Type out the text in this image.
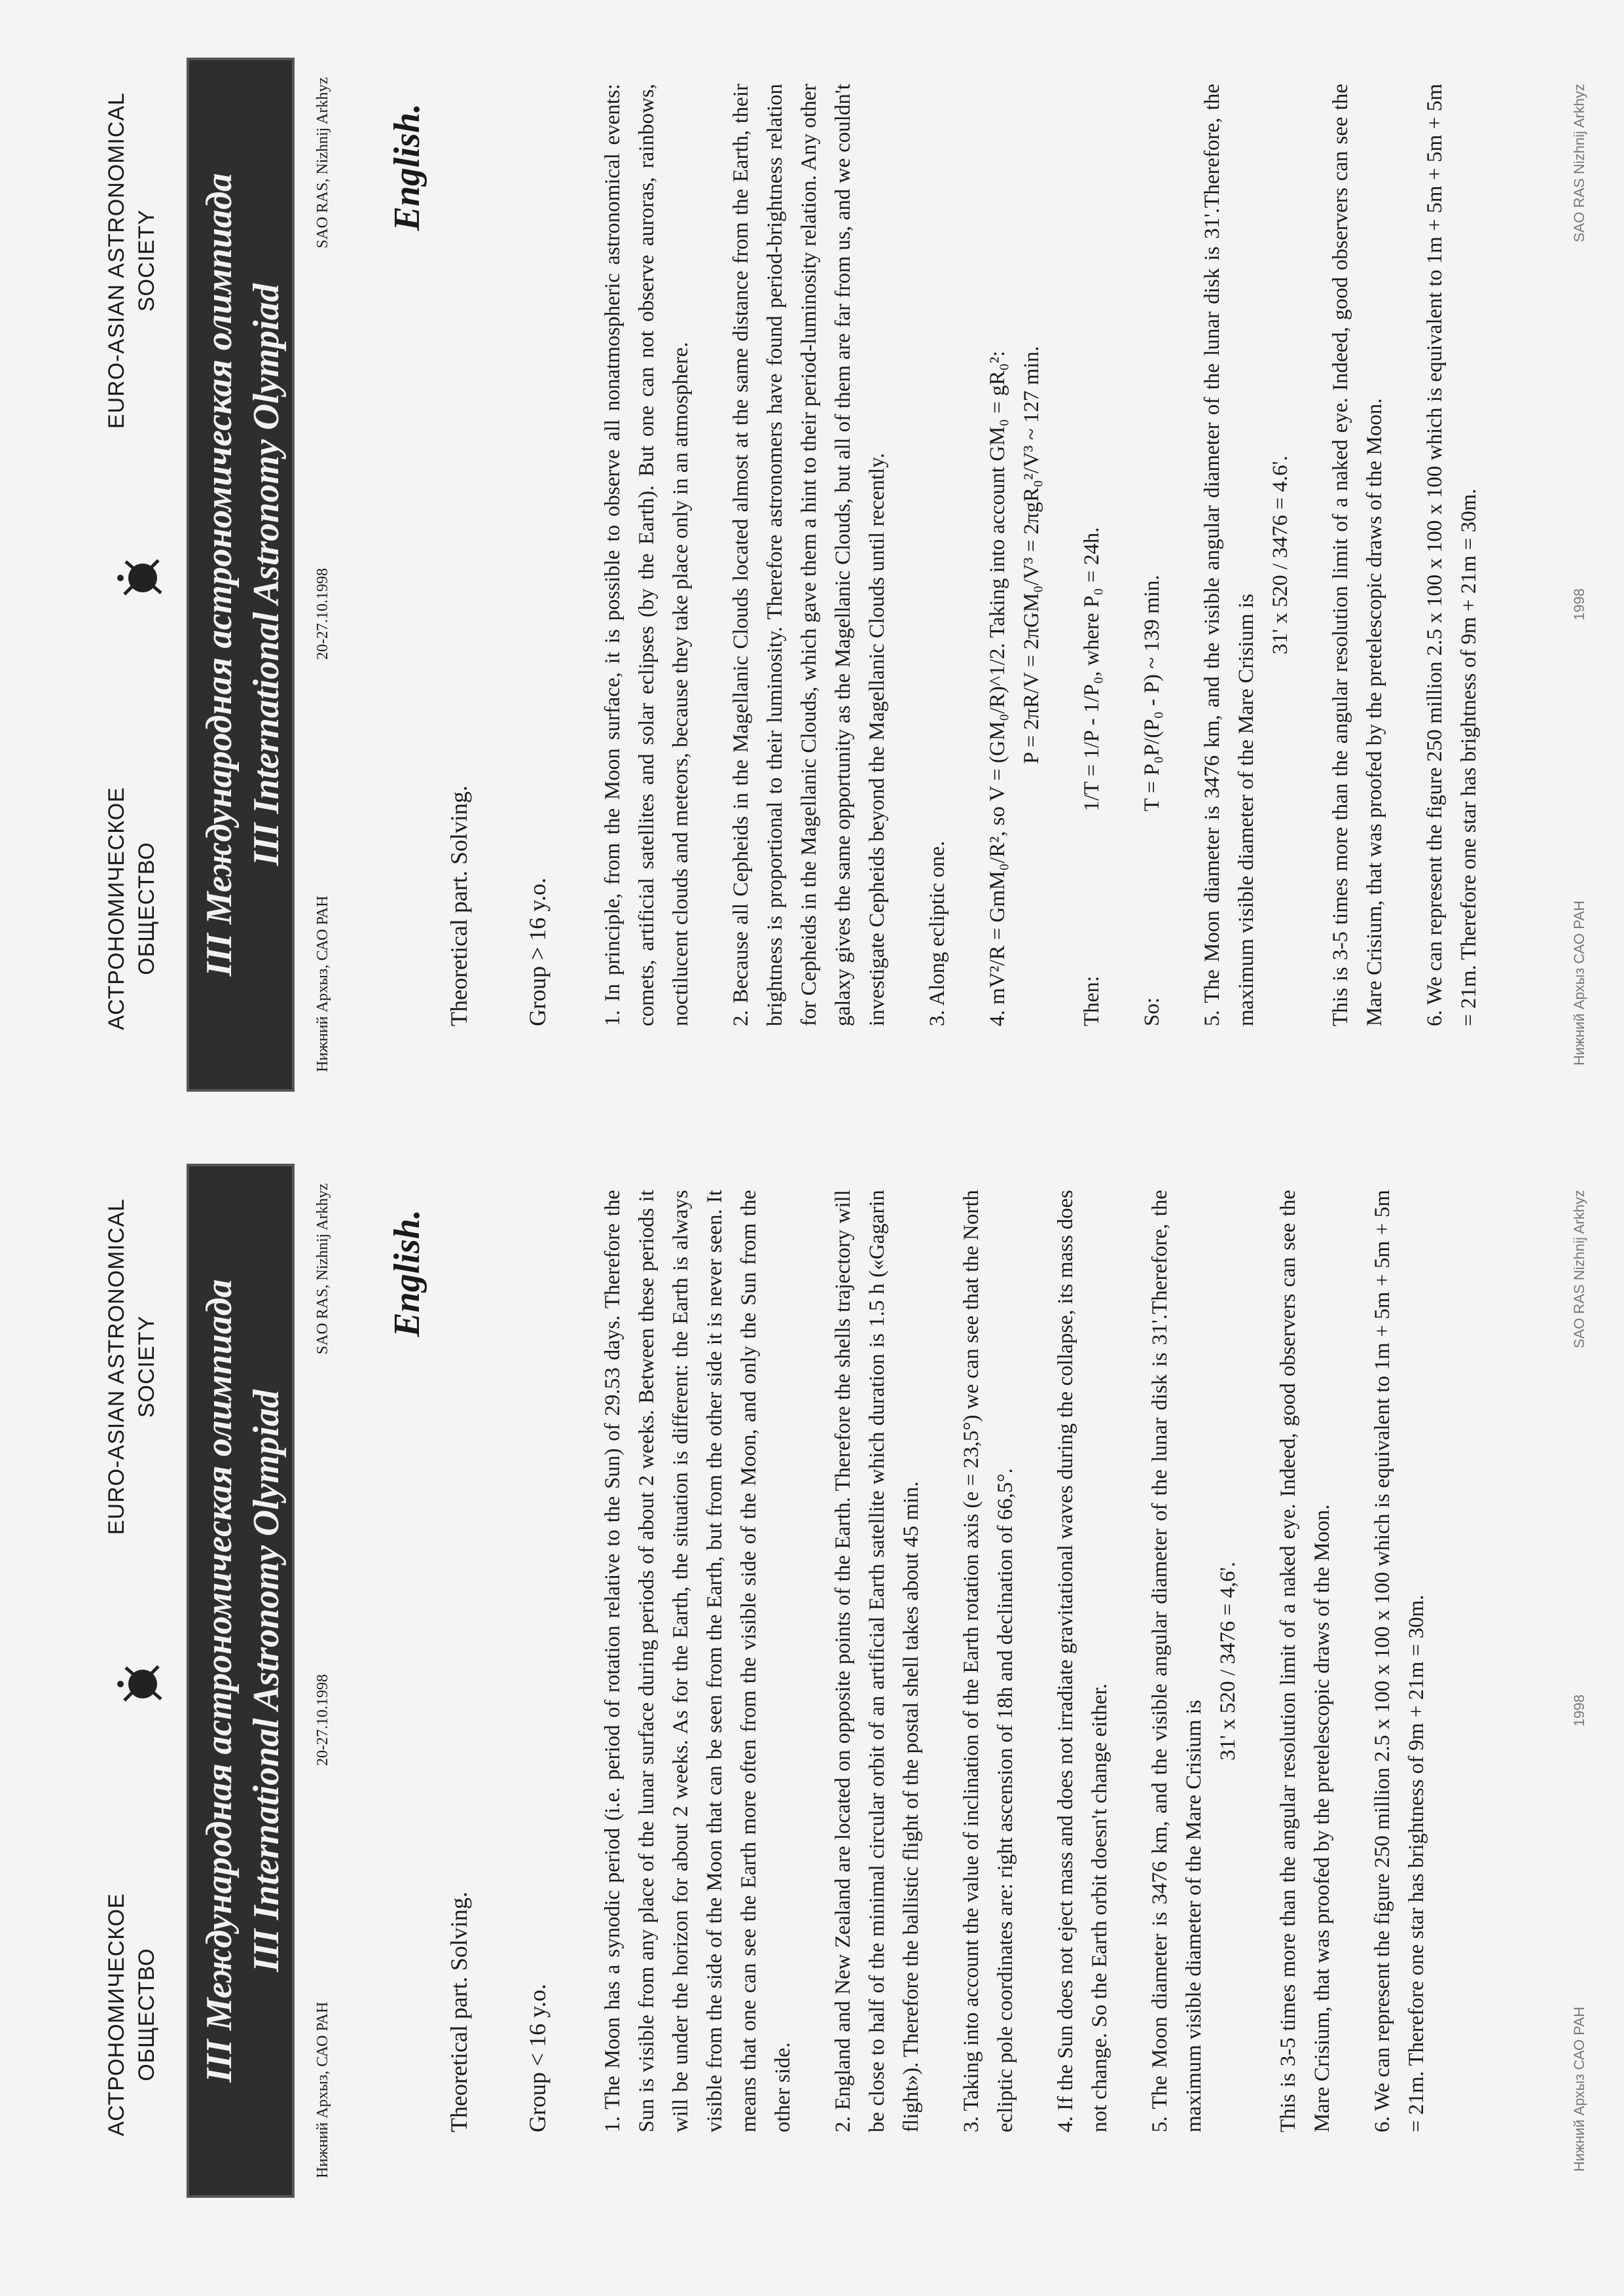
АСТРОНОМИЧЕСКОЕ ОБЩЕСТВО
EURO-ASIAN ASTRONOMICAL SOCIETY III Международная астрономическая олимпиада III International Astronomy Olympiad
Нижний Архыз, САО РАН
20-27.10.1998
SAO RAS, Nizhnij Arkhyz English.
Theoretical part. Solving. Group < 16 y.o. 1. The Moon has a synodic period (i.e. period of rotation relative to the Sun) of 29.53 days. Therefore the Sun is visible from any place of the lunar surface during periods of about 2 weeks. Between these periods it will be under the horizon for about 2 weeks. As for the Earth, the situation is different: the Earth is always visible from the side of the Moon that can be seen from the Earth, but from the other side it is never seen. It means that one can see the Earth more often from the visible side of the Moon, and only the Sun from the other side. 2. England and New Zealand are located on opposite points of the Earth. Therefore the shells trajectory will be close to half of the minimal circular orbit of an artificial Earth satellite which duration is 1.5 h («Gagarin flight»). Therefore the ballistic flight of the postal shell takes about 45 min. 3. Taking into account the value of inclination of the Earth rotation axis (e = 23,5°) we can see that the North ecliptic pole coordinates are: right ascension of 18h and declination of 66,5°. 4. If the Sun does not eject mass and does not irradiate gravitational waves during the collapse, its mass does not change. So the Earth orbit doesn't change either. 5. The Moon diameter is 3476 km, and the visible angular diameter of the lunar disk is 31'.Therefore, the maximum visible diameter of the Mare Crisium is

31' x 520 / 3476 = 4,6'. This is 3-5 times more than the angular resolution limit of a naked eye. Indeed, good observers can see the Mare Crisium, that was proofed by the pretelescopic draws of the Moon. 6. We can represent the figure 250 million 2.5 x 100 x 100 x 100 which is equivalent to 1m + 5m + 5m + 5m = 21m. Therefore one star has brightness of 9m + 21m = 30m.	Нижний Архыз САО РАН
1998
SAO RAS Nizhnij Arkhyz
АСТРОНОМИЧЕСКОЕ ОБЩЕСТВО
EURO-ASIAN ASTRONOMICAL SOCIETY III Международная астрономическая олимпиада III International Astronomy Olympiad
Нижний Архыз, САО РАН
20-27.10.1998
SAO RAS, Nizhnij Arkhyz English.
Theoretical part. Solving. Group > 16 y.o. 1. In principle, from the Moon surface, it is possible to observe all nonatmospheric astronomical events: comets, artificial satellites and solar eclipses (by the Earth). But one can not observe auroras, rainbows, noctilucent clouds and meteors, because they take place only in an atmosphere. 2. Because all Cepheids in the Magellanic Clouds located almost at the same distance from the Earth, their brightness is proportional to their luminosity. Therefore astronomers have found period-brightness relation for Cepheids in the Magellanic Clouds, which gave them a hint to their period-luminosity relation. Any other galaxy gives the same opportunity as the Magellanic Clouds, but all of them are far from us, and we couldn't investigate Cepheids beyond the Magellanic Clouds until recently. 3. Along ecliptic one. 4. mV²/R = GmM₀/R², so V = (GM₀/R)^1/2. Taking into account GM₀ = gR₀²: P = 2πR/V = 2πGM₀/V³ = 2πgR₀²/V³ ~ 127 min.

Then: 1/T = 1/P - 1/P₀, where P₀ = 24h.
So: T = P₀P/(P₀ - P) ~ 139 min. 5. The Moon diameter is 3476 km, and the visible angular diameter of the lunar disk is 31'.Therefore, the maximum visible diameter of the Mare Crisium is

31' x 520 / 3476 = 4.6'. This is 3-5 times more than the angular resolution limit of a naked eye. Indeed, good observers can see the Mare Crisium, that was proofed by the pretelescopic draws of the Moon. 6. We can represent the figure 250 million 2.5 x 100 x 100 x 100 which is equivalent to 1m + 5m + 5m + 5m = 21m. Therefore one star has brightness of 9m + 21m = 30m.	Нижний Архыз САО РАН
1998
SAO RAS Nizhnij Arkhyz
